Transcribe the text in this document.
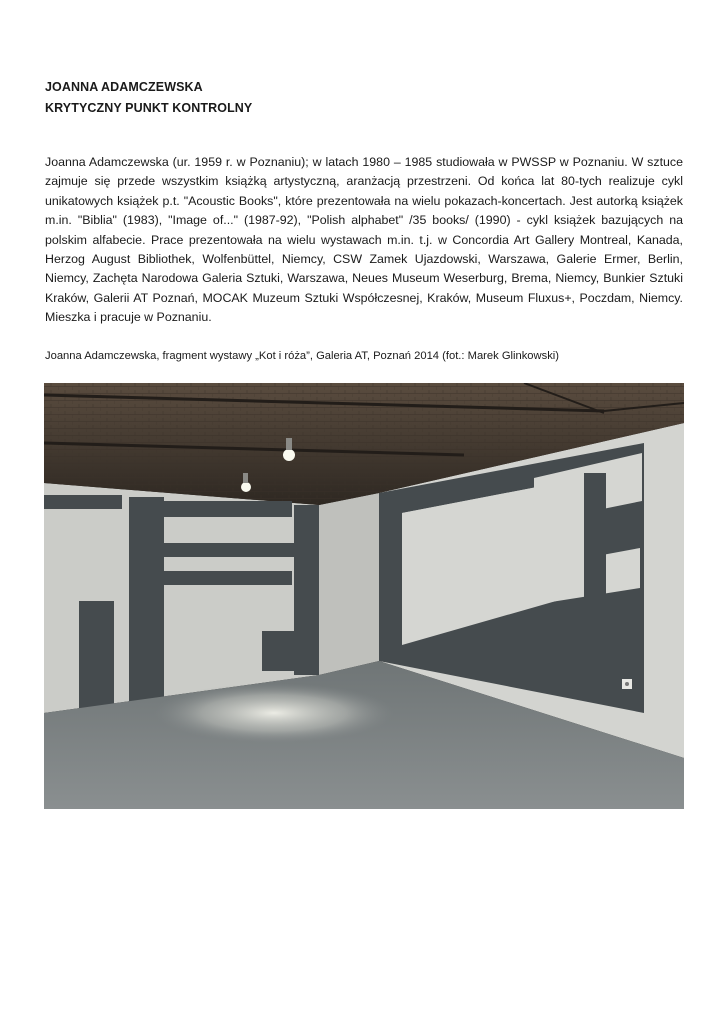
JOANNA ADAMCZEWSKA
KRYTYCZNY PUNKT KONTROLNY

Joanna Adamczewska (ur. 1959 r. w Poznaniu); w latach 1980 – 1985 studiowała w PWSSP w Poznaniu. W sztuce zajmuje się przede wszystkim książką artystyczną, aranżacją przestrzeni. Od końca lat 80-tych realizuje cykl unikatowych książek p.t. "Acoustic Books", które prezentowała na wielu pokazach-koncertach. Jest autorką książek m.in. "Biblia" (1983), "Image of..." (1987-92), "Polish alphabet" /35 books/ (1990) - cykl książek bazujących na polskim alfabecie. Prace prezentowała na wielu wystawach m.in. t.j. w Concordia Art Gallery Montreal, Kanada, Herzog August Bibliothek, Wolfenbüttel, Niemcy, CSW Zamek Ujazdowski, Warszawa, Galerie Ermer, Berlin, Niemcy, Zachęta Narodowa Galeria Sztuki, Warszawa, Neues Museum Weserburg, Brema, Niemcy, Bunkier Sztuki Kraków, Galerii AT Poznań, MOCAK Muzeum Sztuki Współczesnej, Kraków, Museum Fluxus+, Poczdam, Niemcy. Mieszka i pracuje w Poznaniu.

Joanna Adamczewska, fragment wystawy „Kot i róża”, Galeria AT, Poznań 2014 (fot.: Marek Glinkowski)
